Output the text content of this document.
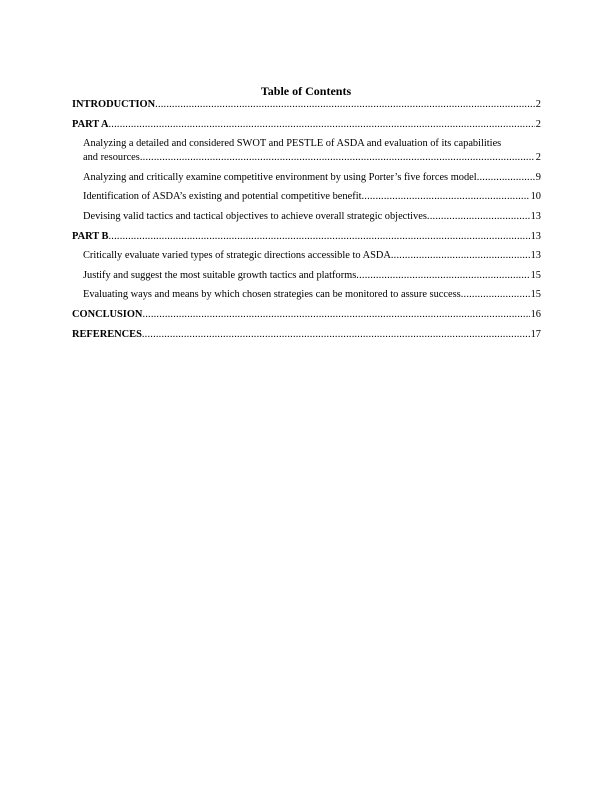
Table of Contents
INTRODUCTION .....	2
PART A .....	2
Analyzing a detailed and considered SWOT and PESTLE of ASDA and evaluation of its capabilities
and resources .....	2
Analyzing and critically examine competitive environment by using Porter’s five forces model .....	9
Identification of ASDA’s existing and potential competitive benefit .....	10
Devising valid tactics and tactical objectives to achieve overall strategic objectives .....	13
PART B .....	13
Critically evaluate varied types of strategic directions accessible to ASDA .....	13
Justify and suggest the most suitable growth tactics and platforms .....	15
Evaluating ways and means by which chosen strategies can be monitored to assure success .....	15
CONCLUSION .....	16
REFERENCES .....	17
